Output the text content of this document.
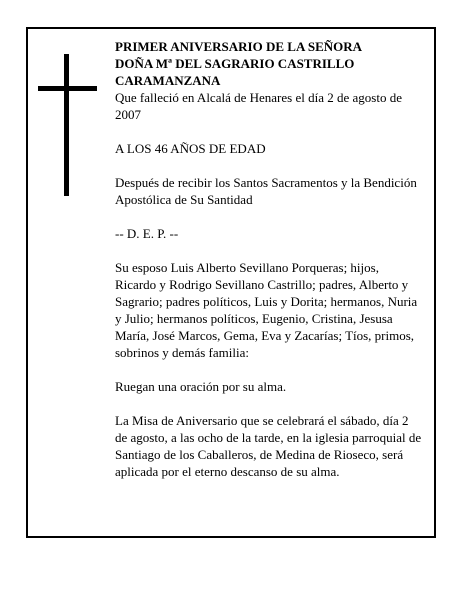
PRIMER ANIVERSARIO DE LA SEÑORA
DOÑA Mª DEL SAGRARIO CASTRILLO
CARAMANZANA
Que falleció en Alcalá de Henares el día 2 de agosto de 2007
A LOS 46 AÑOS DE EDAD
Después de recibir los Santos Sacramentos y la Bendición Apostólica de Su Santidad
-- D. E. P. --
Su esposo Luis Alberto Sevillano Porqueras; hijos, Ricardo y Rodrigo Sevillano Castrillo; padres, Alberto y Sagrario; padres políticos, Luis y Dorita; hermanos, Nuria y Julio; hermanos políticos, Eugenio, Cristina, Jesusa María, José Marcos, Gema, Eva y Zacarías; Tíos, primos, sobrinos y demás familia:
Ruegan una oración por su alma.
La Misa de Aniversario que se celebrará el sábado, día 2 de agosto, a las ocho de la tarde, en la iglesia parroquial de Santiago de los Caballeros, de Medina de Rioseco, será aplicada por el eterno descanso de su alma.
